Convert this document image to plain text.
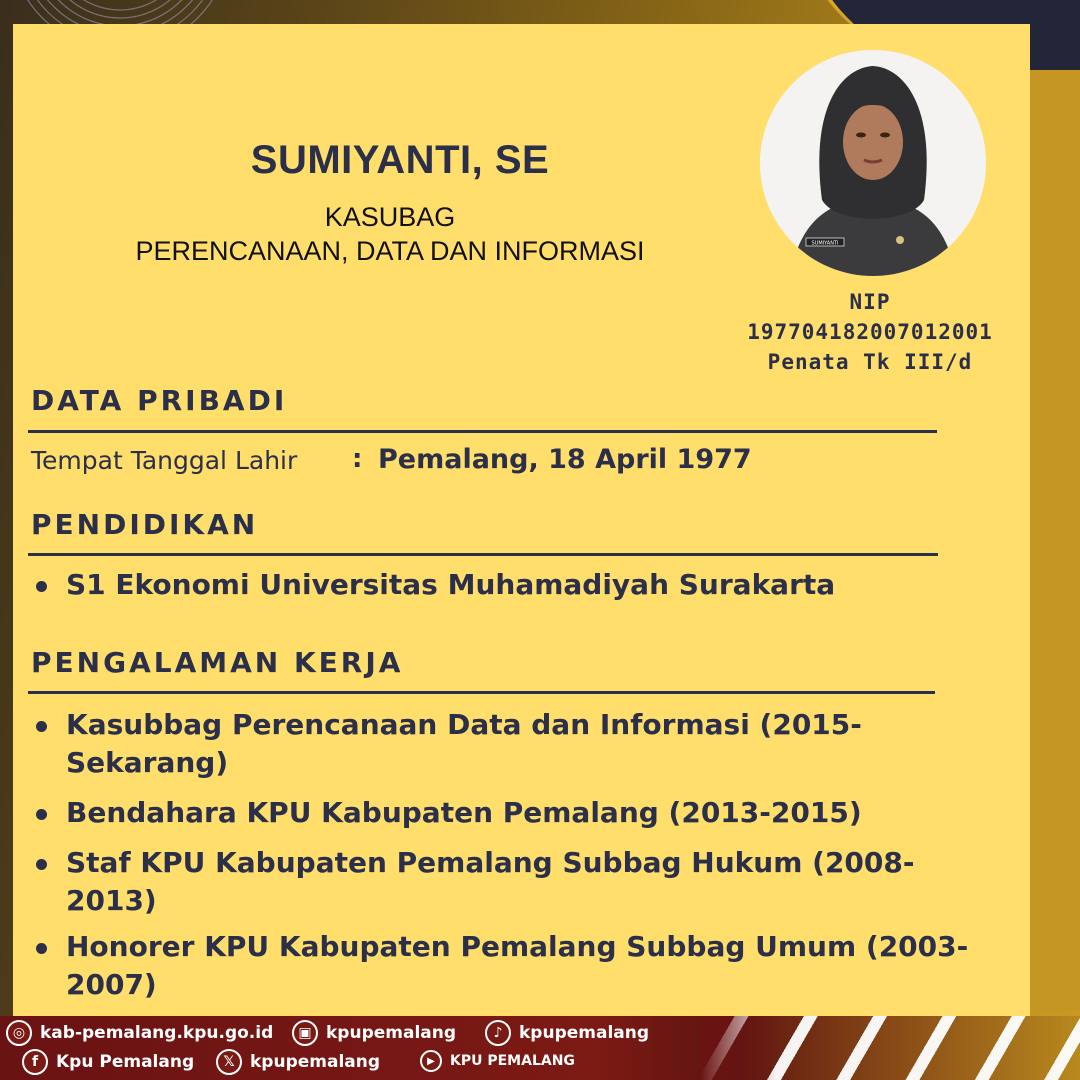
SUMIYANTI, SE
KASUBAG
PERENCANAAN, DATA DAN INFORMASI	SUMIYANTI
NIP
197704182007012001
Penata Tk III/d
DATA PRIBADI
Tempat Tanggal Lahir : Pemalang, 18 April 1977
PENDIDIKAN
S1 Ekonomi Universitas Muhamadiyah Surakarta
PENGALAMAN KERJA
Kasubbag Perencanaan Data dan Informasi (2015-
Sekarang)
Bendahara KPU Kabupaten Pemalang (2013-2015)
Staf KPU Kabupaten Pemalang Subbag Hukum (2008-2013)
Honorer KPU Kabupaten Pemalang Subbag Umum (2003-
2007)
◎ kab-pemalang.kpu.go.id	▣ kpupemalang	♪ kpupemalang
f	Kpu Pemalang	𝕏 kpupemalang	▶	KPU PEMALANG
